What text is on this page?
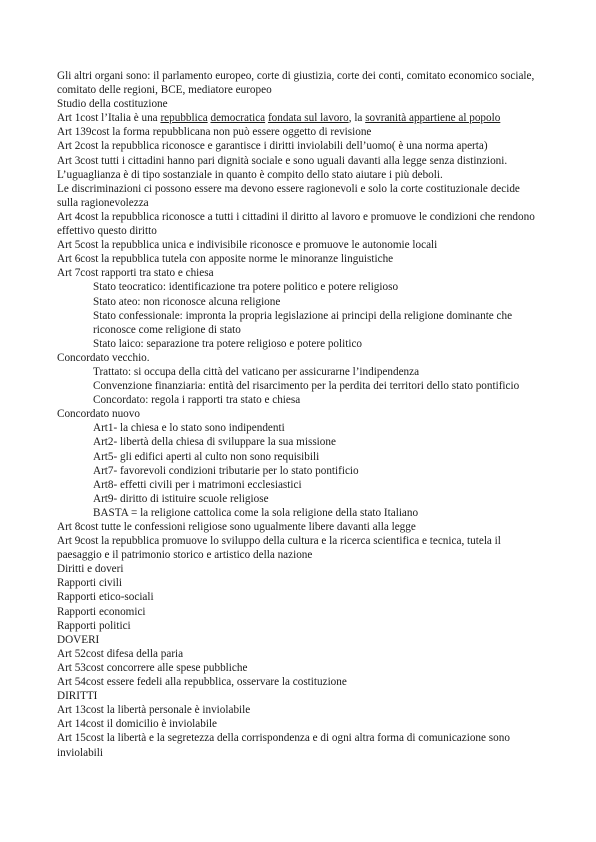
Gli altri organi sono: il parlamento europeo, corte di giustizia, corte dei conti, comitato economico sociale, comitato delle regioni, BCE, mediatore europeo

Studio della costituzione

Art 1cost l’Italia è una repubblica democratica fondata sul lavoro, la sovranità appartiene al popolo

Art 139cost la forma repubblicana non può essere oggetto di revisione

Art 2cost la repubblica riconosce e garantisce i diritti inviolabili dell’uomo( è una norma aperta)

Art 3cost tutti i cittadini hanno pari dignità sociale e sono uguali davanti alla legge senza distinzioni. L’uguaglianza è di tipo sostanziale in quanto è compito dello stato aiutare i più deboli.

Le discriminazioni ci possono essere ma devono essere ragionevoli e solo la corte costituzionale decide sulla ragionevolezza

Art 4cost la repubblica riconosce a tutti i cittadini il diritto al lavoro e promuove le condizioni che rendono effettivo questo diritto

Art 5cost la repubblica unica e indivisibile riconosce e promuove le autonomie locali

Art 6cost la repubblica tutela con apposite norme le minoranze linguistiche

Art 7cost rapporti tra stato e chiesa

Stato teocratico: identificazione tra potere politico e potere religioso

Stato ateo: non riconosce alcuna religione

Stato confessionale: impronta la propria legislazione ai principi della religione dominante che riconosce come religione di stato

Stato laico: separazione tra potere religioso e potere politico

Concordato vecchio.

Trattato: si occupa della città del vaticano per assicurarne l’indipendenza

Convenzione finanziaria: entità del risarcimento per la perdita dei territori dello stato pontificio

Concordato: regola i rapporti tra stato e chiesa

Concordato nuovo

Art1- la chiesa e lo stato sono indipendenti

Art2- libertà della chiesa di sviluppare la sua missione

Art5- gli edifici aperti al culto non sono requisibili

Art7- favorevoli condizioni tributarie per lo stato pontificio

Art8- effetti civili per i matrimoni ecclesiastici

Art9- diritto di istituire scuole religiose

BASTA = la religione cattolica come la sola religione della stato Italiano

Art 8cost tutte le confessioni religiose sono ugualmente libere davanti alla legge

Art 9cost la repubblica promuove lo sviluppo della cultura e la ricerca scientifica e tecnica, tutela il paesaggio e il patrimonio storico e artistico della nazione

Diritti e doveri

Rapporti civili

Rapporti etico-sociali

Rapporti economici

Rapporti politici

DOVERI

Art 52cost difesa della paria

Art 53cost concorrere alle spese pubbliche

Art 54cost essere fedeli alla repubblica, osservare la costituzione

DIRITTI

Art 13cost la libertà personale è inviolabile

Art 14cost il domicilio è inviolabile

Art 15cost la libertà e la segretezza della corrispondenza e di ogni altra forma di comunicazione sono inviolabili
